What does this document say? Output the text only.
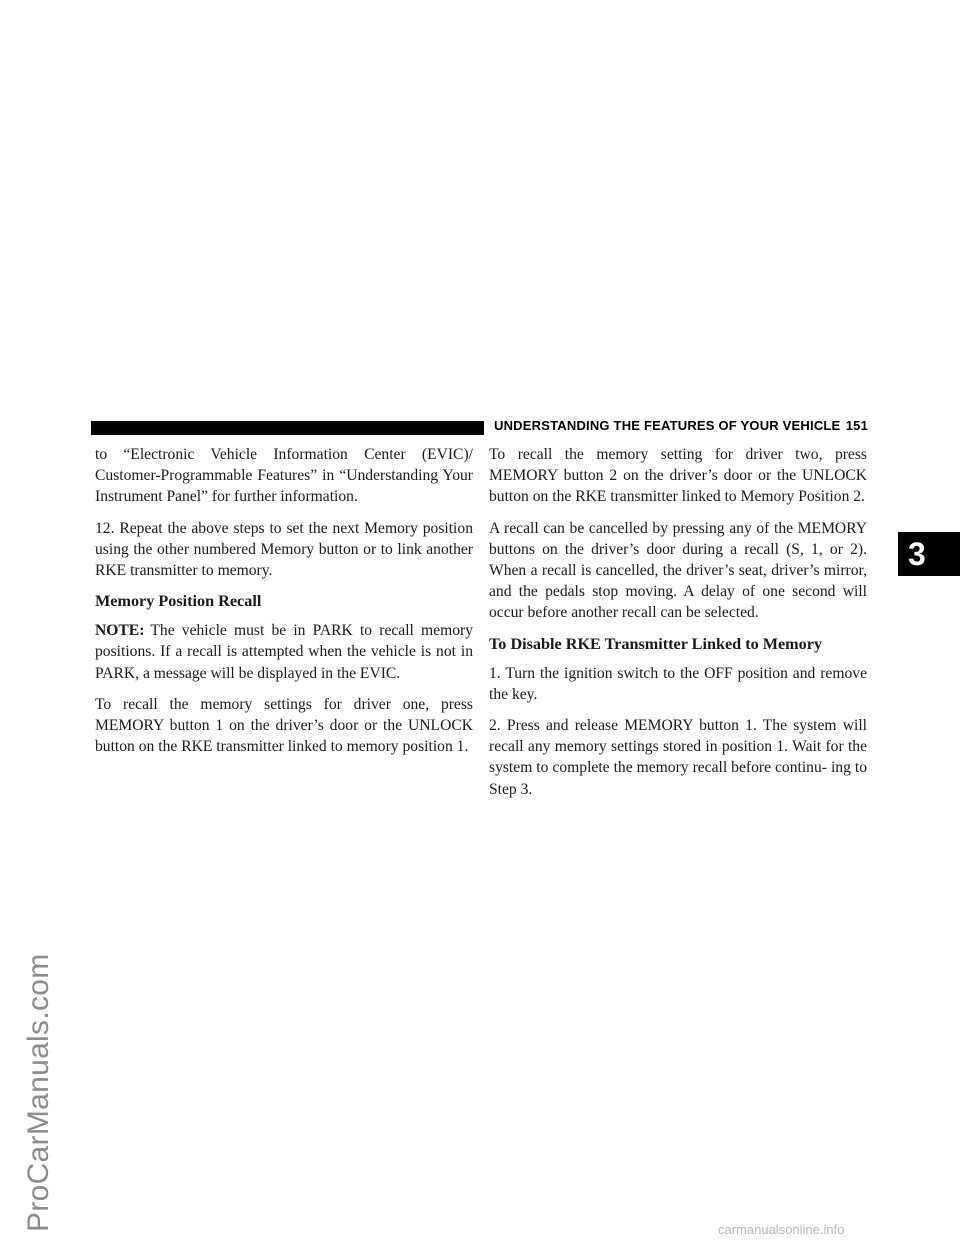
UNDERSTANDING THE FEATURES OF YOUR VEHICLE 151

to “Electronic Vehicle Information Center (EVIC)/ Customer-Programmable Features” in “Understanding Your Instrument Panel” for further information.

12. Repeat the above steps to set the next Memory position using the other numbered Memory button or to link another RKE transmitter to memory.

Memory Position Recall

NOTE: The vehicle must be in PARK to recall memory positions. If a recall is attempted when the vehicle is not in PARK, a message will be displayed in the EVIC.

To recall the memory settings for driver one, press MEMORY button 1 on the driver’s door or the UNLOCK button on the RKE transmitter linked to memory position 1.

To recall the memory setting for driver two, press MEMORY button 2 on the driver’s door or the UNLOCK button on the RKE transmitter linked to Memory Position 2.

A recall can be cancelled by pressing any of the MEMORY buttons on the driver’s door during a recall (S, 1, or 2). When a recall is cancelled, the driver’s seat, driver’s mirror, and the pedals stop moving. A delay of one second will occur before another recall can be selected.

To Disable RKE Transmitter Linked to Memory

1. Turn the ignition switch to the OFF position and remove the key.

2. Press and release MEMORY button 1. The system will recall any memory settings stored in position 1. Wait for the system to complete the memory recall before continu- ing to Step 3.

3
ProCarManuals.com	carmanualsonline.info
